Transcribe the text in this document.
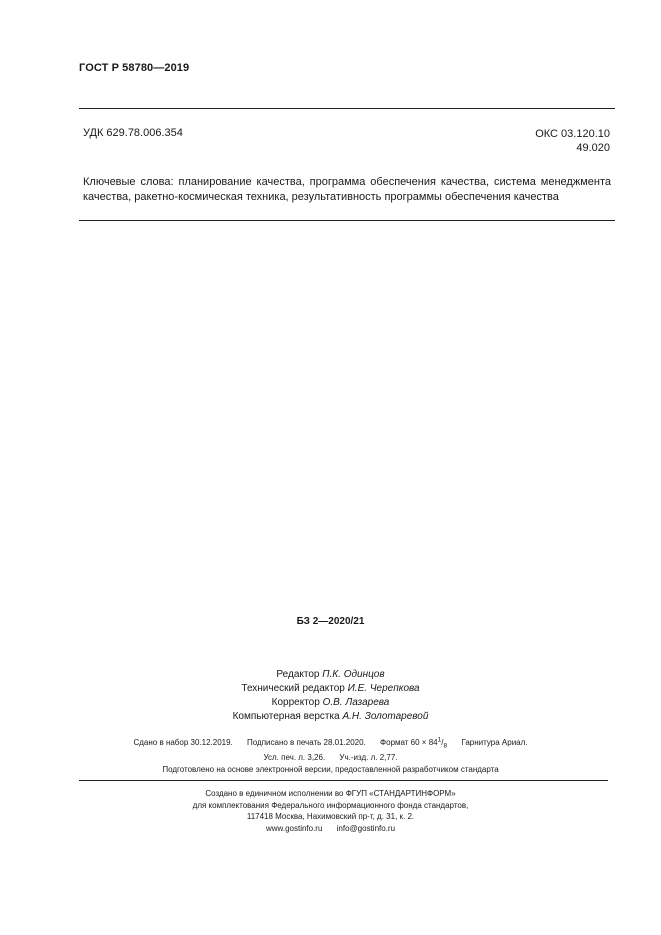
ГОСТ Р 58780—2019
УДК 629.78.006.354	ОКС 03.120.10
49.020
Ключевые слова: планирование качества, программа обеспечения качества, система менеджмента качества, ракетно-космическая техника, результативность программы обеспечения качества
БЗ 2—2020/21
Редактор П.К. Одинцов
Технический редактор И.Е. Черепкова
Корректор О.В. Лазарева
Компьютерная верстка А.Н. Золотаревой
Сдано в набор 30.12.2019. Подписано в печать 28.01.2020. Формат $60 \times 84^1/_8$ Гарнитура Ариал.
Усл. печ. л. 3,26. Уч.-изд. л. 2,77.
Подготовлено на основе электронной версии, предоставленной разработчиком стандарта
Создано в единичном исполнении во ФГУП «СТАНДАРТИНФОРМ»
для комплектования Федерального информационного фонда стандартов,
117418 Москва, Нахимовский пр-т, д. 31, к. 2.
www.gostinfo.ru info@gostinfo.ru
